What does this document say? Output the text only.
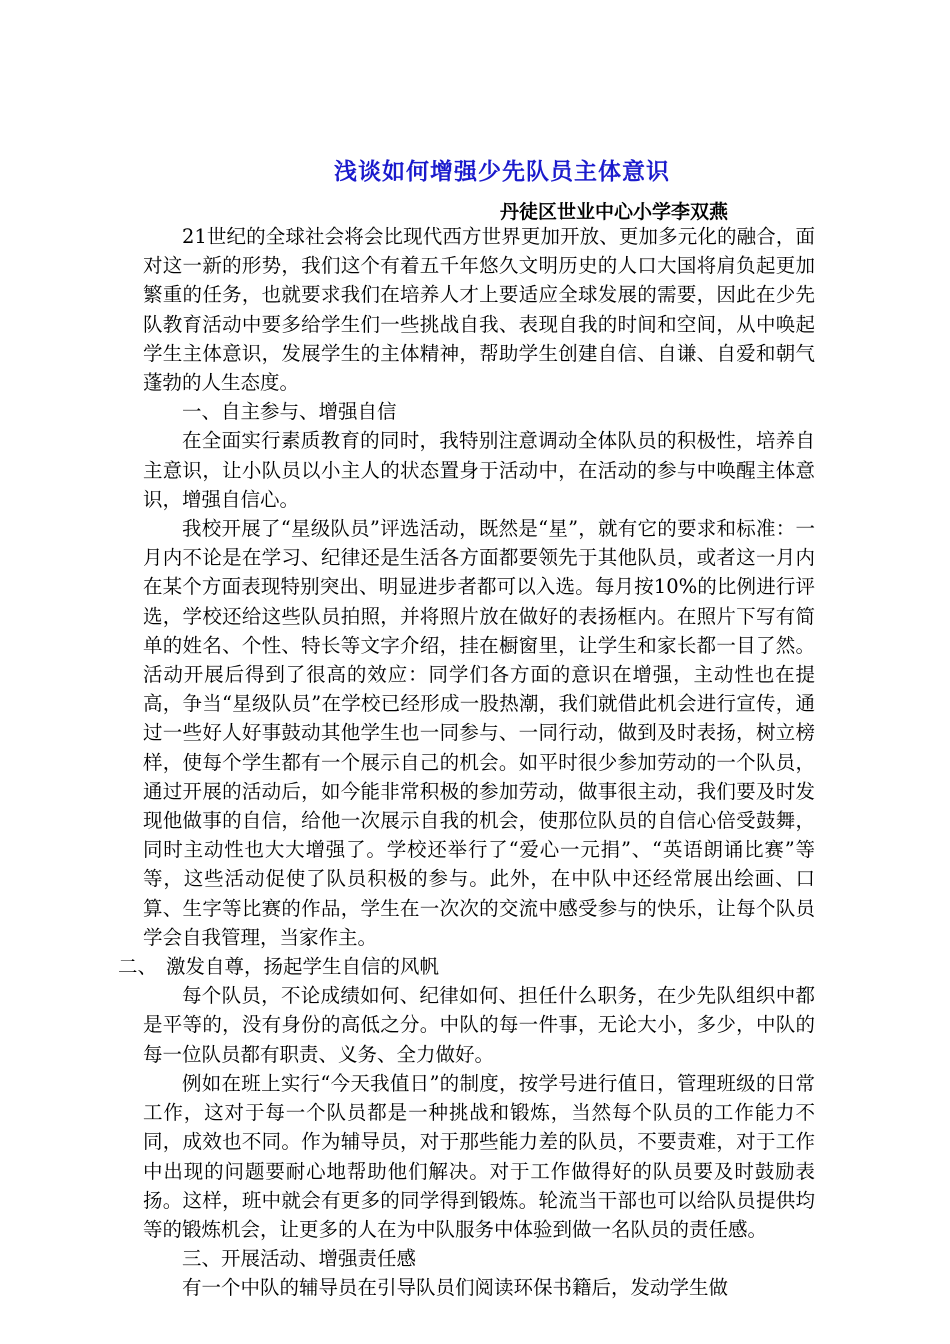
浅谈如何增强少先队员主体意识
丹徒区世业中心小学李双燕

21世纪的全球社会将会比现代西方世界更加开放、更加多元化的融合，面对这一新的形势，我们这个有着五千年悠久文明历史的人口大国将肩负起更加繁重的任务，也就要求我们在培养人才上要适应全球发展的需要，因此在少先队教育活动中要多给学生们一些挑战自我、表现自我的时间和空间，从中唤起学生主体意识，发展学生的主体精神，帮助学生创建自信、自谦、自爱和朝气蓬勃的人生态度。

一、自主参与、增强自信

在全面实行素质教育的同时，我特别注意调动全体队员的积极性，培养自主意识，让小队员以小主人的状态置身于活动中，在活动的参与中唤醒主体意识，增强自信心。

我校开展了“星级队员”评选活动，既然是“星”，就有它的要求和标准：一月内不论是在学习、纪律还是生活各方面都要领先于其他队员，或者这一月内在某个方面表现特别突出、明显进步者都可以入选。每月按10%的比例进行评选，学校还给这些队员拍照，并将照片放在做好的表扬框内。在照片下写有简单的姓名、个性、特长等文字介绍，挂在橱窗里，让学生和家长都一目了然。活动开展后得到了很高的效应：同学们各方面的意识在增强，主动性也在提高，争当“星级队员”在学校已经形成一股热潮，我们就借此机会进行宣传，通过一些好人好事鼓动其他学生也一同参与、一同行动，做到及时表扬，树立榜样，使每个学生都有一个展示自己的机会。如平时很少参加劳动的一个队员，通过开展的活动后，如今能非常积极的参加劳动，做事很主动，我们要及时发现他做事的自信，给他一次展示自我的机会，使那位队员的自信心倍受鼓舞，同时主动性也大大增强了。学校还举行了“爱心一元捐”、“英语朗诵比赛”等等，这些活动促使了队员积极的参与。此外，在中队中还经常展出绘画、口算、生字等比赛的作品，学生在一次次的交流中感受参与的快乐，让每个队员学会自我管理，当家作主。

二、 激发自尊，扬起学生自信的风帆

每个队员，不论成绩如何、纪律如何、担任什么职务，在少先队组织中都是平等的，没有身份的高低之分。中队的每一件事，无论大小，多少，中队的每一位队员都有职责、义务、全力做好。

例如在班上实行“今天我值日”的制度，按学号进行值日，管理班级的日常工作，这对于每一个队员都是一种挑战和锻炼，当然每个队员的工作能力不同，成效也不同。作为辅导员，对于那些能力差的队员，不要责难，对于工作中出现的问题要耐心地帮助他们解决。对于工作做得好的队员要及时鼓励表扬。这样，班中就会有更多的同学得到锻炼。轮流当干部也可以给队员提供均等的锻炼机会，让更多的人在为中队服务中体验到做一名队员的责任感。

三、开展活动、增强责任感

有一个中队的辅导员在引导队员们阅读环保书籍后，发动学生做
